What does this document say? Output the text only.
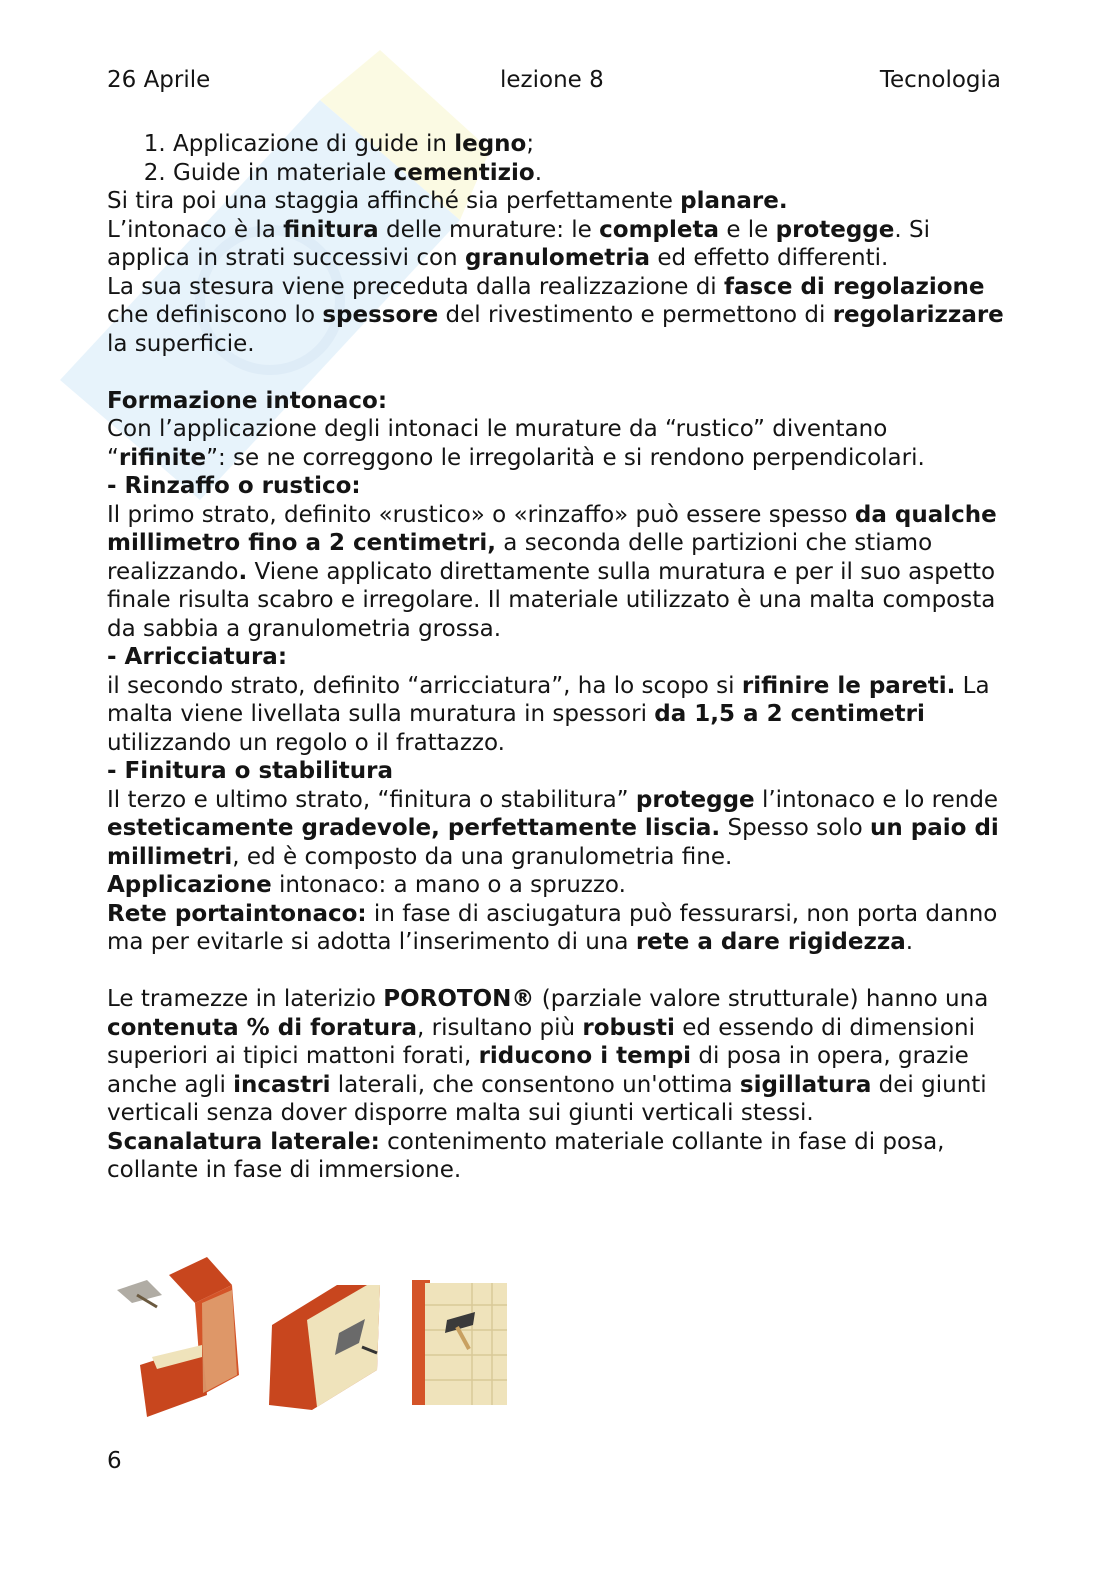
26 Aprile	lezione 8	Tecnologia
1. Applicazione di guide in legno;
2. Guide in materiale cementizio.

Si tira poi una staggia affinché sia perfettamente planare.

L’intonaco è la finitura delle murature: le completa e le protegge. Si applica in strati successivi con granulometria ed effetto differenti.

La sua stesura viene preceduta dalla realizzazione di fasce di regolazione che definiscono lo spessore del rivestimento e permettono di regolarizzare la superficie.

Formazione intonaco:

Con l’applicazione degli intonaci le murature da “rustico” diventano “rifinite”: se ne correggono le irregolarità e si rendono perpendicolari.

- Rinzaffo o rustico:

Il primo strato, definito «rustico» o «rinzaffo» può essere spesso da qualche millimetro fino a 2 centimetri, a seconda delle partizioni che stiamo realizzando. Viene applicato direttamente sulla muratura e per il suo aspetto finale risulta scabro e irregolare. Il materiale utilizzato è una malta composta da sabbia a granulometria grossa.

- Arricciatura:

il secondo strato, definito “arricciatura”, ha lo scopo si rifinire le pareti. La malta viene livellata sulla muratura in spessori da 1,5 a 2 centimetri utilizzando un regolo o il frattazzo.

- Finitura o stabilitura

Il terzo e ultimo strato, “finitura o stabilitura” protegge l’intonaco e lo rende esteticamente gradevole, perfettamente liscia. Spesso solo un paio di millimetri, ed è composto da una granulometria fine.

Applicazione intonaco: a mano o a spruzzo.

Rete portaintonaco: in fase di asciugatura può fessurarsi, non porta danno ma per evitarle si adotta l’inserimento di una rete a dare rigidezza.

Le tramezze in laterizio POROTON® (parziale valore strutturale) hanno una contenuta % di foratura, risultano più robusti ed essendo di dimensioni superiori ai tipici mattoni forati, riducono i tempi di posa in opera, grazie anche agli incastri laterali, che consentono un'ottima sigillatura dei giunti verticali senza dover disporre malta sui giunti verticali stessi.

Scanalatura laterale: contenimento materiale collante in fase di posa, collante in fase di immersione.

6
